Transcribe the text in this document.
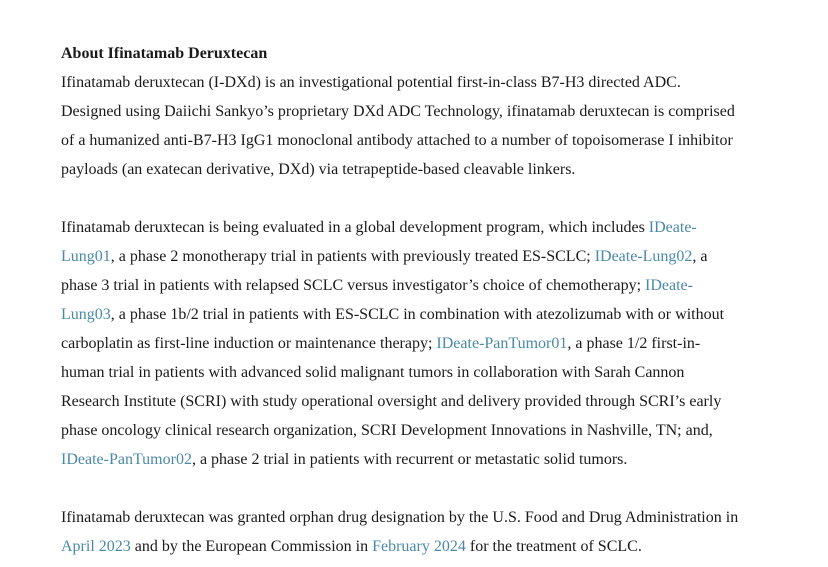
About Ifinatamab Deruxtecan

Ifinatamab deruxtecan (I-DXd) is an investigational potential first-in-class B7-H3 directed ADC.
Designed using Daiichi Sankyo’s proprietary DXd ADC Technology, ifinatamab deruxtecan is comprised
of a humanized anti-B7-H3 IgG1 monoclonal antibody attached to a number of topoisomerase I inhibitor
payloads (an exatecan derivative, DXd) via tetrapeptide-based cleavable linkers.

Ifinatamab deruxtecan is being evaluated in a global development program, which includes IDeate-
Lung01, a phase 2 monotherapy trial in patients with previously treated ES-SCLC; IDeate-Lung02, a
phase 3 trial in patients with relapsed SCLC versus investigator’s choice of chemotherapy; IDeate-
Lung03, a phase 1b/2 trial in patients with ES-SCLC in combination with atezolizumab with or without
carboplatin as first-line induction or maintenance therapy; IDeate-PanTumor01, a phase 1/2 first-in-
human trial in patients with advanced solid malignant tumors in collaboration with Sarah Cannon
Research Institute (SCRI) with study operational oversight and delivery provided through SCRI’s early
phase oncology clinical research organization, SCRI Development Innovations in Nashville, TN; and,
IDeate-PanTumor02, a phase 2 trial in patients with recurrent or metastatic solid tumors.

Ifinatamab deruxtecan was granted orphan drug designation by the U.S. Food and Drug Administration in
April 2023 and by the European Commission in February 2024 for the treatment of SCLC.
